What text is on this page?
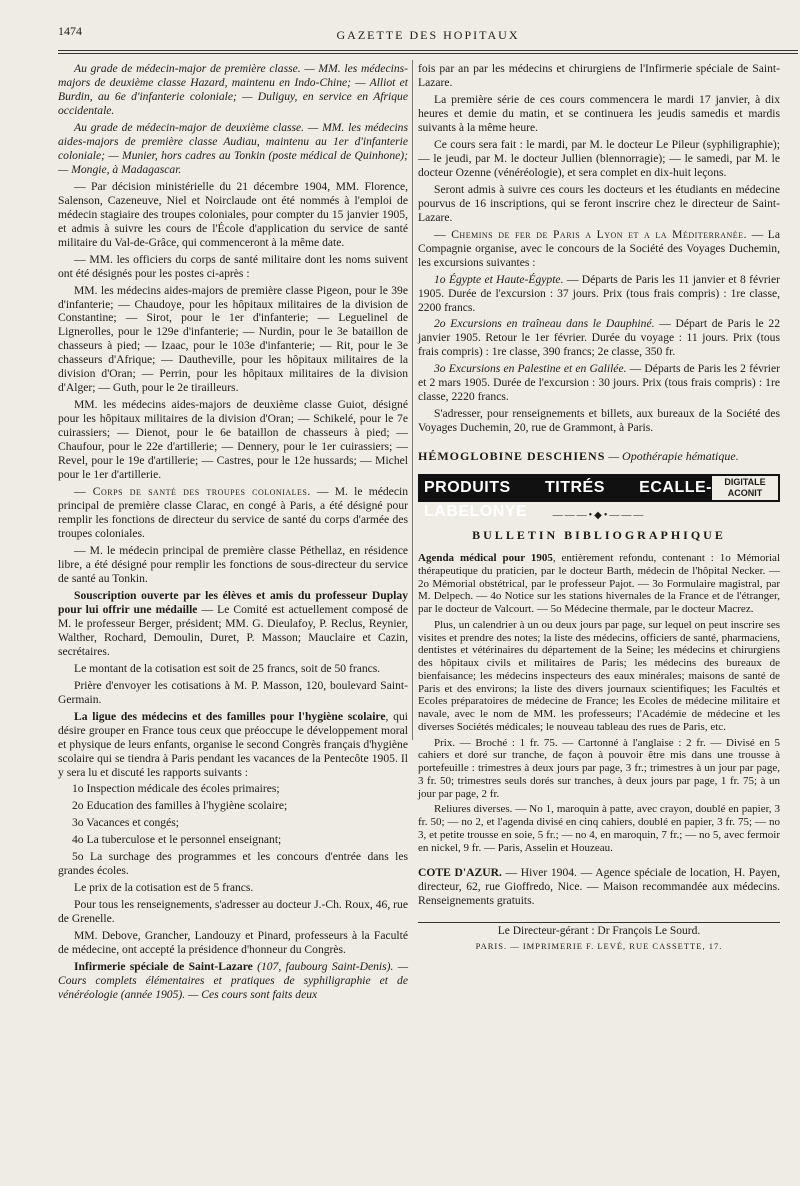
1474	GAZETTE DES HOPITAUX

Au grade de médecin-major de première classe. — MM. les médecins-majors de deuxième classe Hazard, maintenu en Indo-Chine; — Alliot et Burdin, au 6e d'infanterie coloniale; — Duliguy, en service en Afrique occidentale.

Au grade de médecin-major de deuxième classe. — MM. les médecins aides-majors de première classe Audiau, maintenu au 1er d'infanterie coloniale; — Munier, hors cadres au Tonkin (poste médical de Quinhone); — Mongie, à Madagascar.

— Par décision ministérielle du 21 décembre 1904, MM. Florence, Salenson, Cazeneuve, Niel et Noirclaude ont été nommés à l'emploi de médecin stagiaire des troupes coloniales, pour compter du 15 janvier 1905, et admis à suivre les cours de l'École d'application du service de santé militaire du Val-de-Grâce, qui commenceront à la même date.

— MM. les officiers du corps de santé militaire dont les noms suivent ont été désignés pour les postes ci-après :

MM. les médecins aides-majors de première classe Pigeon, pour le 39e d'infanterie; — Chaudoye, pour les hôpitaux militaires de la division de Constantine; — Sirot, pour le 1er d'infanterie; — Leguelinel de Lignerolles, pour le 129e d'infanterie; — Nurdin, pour le 3e bataillon de chasseurs à pied; — Izaac, pour le 103e d'infanterie; — Rit, pour le 3e chasseurs d'Afrique; — Dautheville, pour les hôpitaux militaires de la division d'Oran; — Perrin, pour les hôpitaux militaires de la division d'Alger; — Guth, pour le 2e tirailleurs.

MM. les médecins aides-majors de deuxième classe Guiot, désigné pour les hôpitaux militaires de la division d'Oran; — Schikelé, pour le 7e cuirassiers; — Dienot, pour le 6e bataillon de chasseurs à pied; — Chaufour, pour le 22e d'artillerie; — Dennery, pour le 1er cuirassiers; — Revel, pour le 19e d'artillerie; — Castres, pour le 12e hussards; — Michel pour le 1er d'artillerie.

— Corps de santé des troupes coloniales. — M. le médecin principal de première classe Clarac, en congé à Paris, a été désigné pour remplir les fonctions de directeur du service de santé du corps d'armée des troupes coloniales.

— M. le médecin principal de première classe Péthellaz, en résidence libre, a été désigné pour remplir les fonctions de sous-directeur du service de santé au Tonkin.

Souscription ouverte par les élèves et amis du professeur Duplay pour lui offrir une médaille — Le Comité est actuellement composé de M. le professeur Berger, président; MM. G. Dieulafoy, P. Reclus, Reynier, Walther, Rochard, Demoulin, Duret, P. Masson; Mauclaire et Cazin, secrétaires.

Le montant de la cotisation est soit de 25 francs, soit de 50 francs.

Prière d'envoyer les cotisations à M. P. Masson, 120, boulevard Saint-Germain.

La ligue des médecins et des familles pour l'hygiène scolaire, qui désire grouper en France tous ceux que préoccupe le développement moral et physique de leurs enfants, organise le second Congrès français d'hygiène scolaire qui se tiendra à Paris pendant les vacances de la Pentecôte 1905. Il y sera lu et discuté les rapports suivants :

1o Inspection médicale des écoles primaires;

2o Education des familles à l'hygiène scolaire;

3o Vacances et congés;

4o La tuberculose et le personnel enseignant;

5o La surchage des programmes et les concours d'entrée dans les grandes écoles.

Le prix de la cotisation est de 5 francs.

Pour tous les renseignements, s'adresser au docteur J.-Ch. Roux, 46, rue de Grenelle.

MM. Debove, Grancher, Landouzy et Pinard, professeurs à la Faculté de médecine, ont accepté la présidence d'honneur du Congrès.

Infirmerie spéciale de Saint-Lazare (107, faubourg Saint-Denis). — Cours complets élémentaires et pratiques de syphiligraphie et de vénéréologie (année 1905). — Ces cours sont faits deux

fois par an par les médecins et chirurgiens de l'Infirmerie spéciale de Saint-Lazare.

La première série de ces cours commencera le mardi 17 janvier, à dix heures et demie du matin, et se continuera les jeudis samedis et mardis suivants à la même heure.

Ce cours sera fait : le mardi, par M. le docteur Le Pileur (syphiligraphie); — le jeudi, par M. le docteur Jullien (blennorragie); — le samedi, par M. le docteur Ozenne (vénéréologie), et sera complet en dix-huit leçons.

Seront admis à suivre ces cours les docteurs et les étudiants en médecine pourvus de 16 inscriptions, qui se feront inscrire chez le directeur de Saint-Lazare.

— Chemins de fer de Paris a Lyon et a la Méditerranée. — La Compagnie organise, avec le concours de la Société des Voyages Duchemin, les excursions suivantes :

1o Égypte et Haute-Égypte. — Départs de Paris les 11 janvier et 8 février 1905. Durée de l'excursion : 37 jours. Prix (tous frais compris) : 1re classe, 2200 francs.

2o Excursions en traîneau dans le Dauphiné. — Départ de Paris le 22 janvier 1905. Retour le 1er février. Durée du voyage : 11 jours. Prix (tous frais compris) : 1re classe, 390 francs; 2e classe, 350 fr.

3o Excursions en Palestine et en Galilée. — Départs de Paris les 2 février et 2 mars 1905. Durée de l'excursion : 30 jours. Prix (tous frais compris) : 1re classe, 2220 francs.

S'adresser, pour renseignements et billets, aux bureaux de la Société des Voyages Duchemin, 20, rue de Grammont, à Paris.

HÉMOGLOBINE DESCHIENS — Opothérapie hématique.

PRODUITS TITRÉS ECALLE-LABELONYE
DIGITALE
ACONIT

———•◆•———

BULLETIN BIBLIOGRAPHIQUE

Agenda médical pour 1905, entièrement refondu, contenant : 1o Mémorial thérapeutique du praticien, par le docteur Barth, médecin de l'hôpital Necker. — 2o Mémorial obstétrical, par le professeur Pajot. — 3o Formulaire magistral, par M. Delpech. — 4o Notice sur les stations hivernales de la France et de l'étranger, par le docteur de Valcourt. — 5o Médecine thermale, par le docteur Macrez.

Plus, un calendrier à un ou deux jours par page, sur lequel on peut inscrire ses visites et prendre des notes; la liste des médecins, officiers de santé, pharmaciens, dentistes et vétérinaires du département de la Seine; les médecins et chirurgiens des hôpitaux civils et militaires de Paris; les médecins des bureaux de bienfaisance; les médecins inspecteurs des eaux minérales; maisons de santé de Paris et des environs; la liste des divers journaux scientifiques; les Facultés et Ecoles préparatoires de médecine de France; les Ecoles de médecine militaire et navale, avec le nom de MM. les professeurs; l'Académie de médecine et les diverses Sociétés médicales; le nouveau tableau des rues de Paris, etc.

Prix. — Broché : 1 fr. 75. — Cartonné à l'anglaise : 2 fr. — Divisé en 5 cahiers et doré sur tranche, de façon à pouvoir être mis dans une trousse à portefeuille : trimestres à deux jours par page, 3 fr.; trimestres à un jour par page, 3 fr. 50; trimestres seuls dorés sur tranches, à deux jours par page, 1 fr. 75; à un jour par page, 2 fr.

Reliures diverses. — No 1, maroquin à patte, avec crayon, doublé en papier, 3 fr. 50; — no 2, et l'agenda divisé en cinq cahiers, doublé en papier, 3 fr. 75; — no 3, et petite trousse en soie, 5 fr.; — no 4, en maroquin, 7 fr.; — no 5, avec fermoir en nickel, 9 fr. — Paris, Asselin et Houzeau.

COTE D'AZUR. — Hiver 1904. — Agence spéciale de location, H. Payen, directeur, 62, rue Gioffredo, Nice. — Maison recommandée aux médecins. Renseignements gratuits.

Le Directeur-gérant : Dr François Le Sourd.

PARIS. — IMPRIMERIE F. LEVÉ, RUE CASSETTE, 17.
